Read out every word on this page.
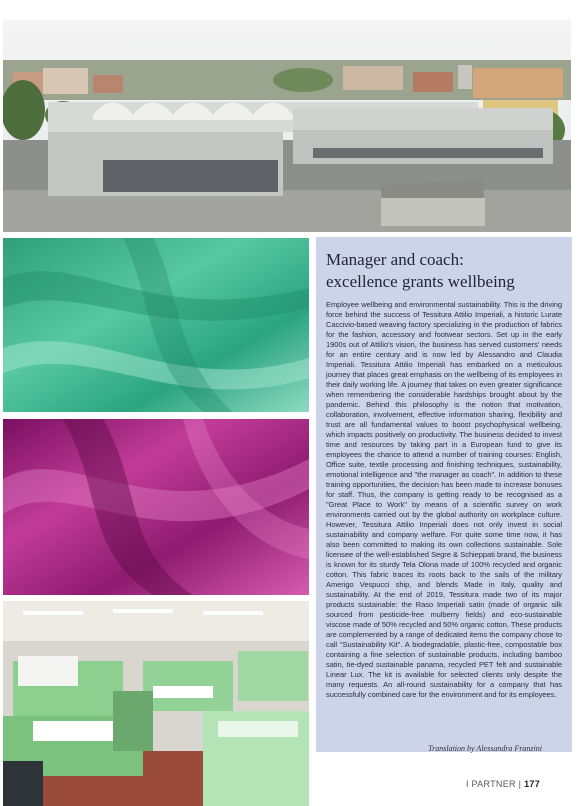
Manager and coach:
excellence grants wellbeing

Employee wellbeing and environmental sustainability. This is the driving force behind the success of Tessitura Attilio Imperiali, a historic Lurate Caccivio-based weaving factory specializing in the production of fabrics for the fashion, accessory and footwear sectors. Set up in the early 1900s out of Attilio's vision, the business has served customers' needs for an entire century and is now led by Alessandro and Claudia Imperiali. Tessitura Attilio Imperiali has embarked on a meticulous journey that places great emphasis on the wellbeing of its employees in their daily working life. A journey that takes on even greater significance when remembering the considerable hardships brought about by the pandemic. Behind this philosophy is the notion that motivation, collaboration, involvement, effective information sharing, flexibility and trust are all fundamental values to boost psychophysical wellbeing, which impacts positively on productivity. The business decided to invest time and resources by taking part in a European fund to give its employees the chance to attend a number of training courses: English, Office suite, textile processing and finishing techniques, sustainability, emotional intelligence and "the manager as coach". In addition to these training opportunities, the decision has been made to increase bonuses for staff. Thus, the company is getting ready to be recognised as a "Great Place to Work" by means of a scientific survey on work environments carried out by the global authority on workplace culture. However, Tessitura Attilio Imperiali does not only invest in social sustainability and company welfare. For quite some time now, it has also been committed to making its own collections sustainable. Sole licensee of the well-established Segre & Schieppati brand, the business is known for its sturdy Tela Olona made of 100% recycled and organic cotton. This fabric traces its roots back to the sails of the military Amerigo Vespucci ship, and blends Made in Italy, quality and sustainability. At the end of 2019, Tessitura made two of its major products sustainable: the Raso Imperiali satin (made of organic silk sourced from pesticide-free mulberry fields) and eco-sustainable viscose made of 50% recycled and 50% organic cotton. These products are complemented by a range of dedicated items the company chose to call "Sustainability Kit". A biodegradable, plastic-free, compostable box containing a fine selection of sustainable products, including bamboo satin, tie-dyed sustainable panama, recycled PET felt and sustainable Linear Lux. The kit is available for selected clients only despite the many requests. An all-round sustainability for a company that has successfully combined care for the environment and for its employees.

Translation by Alessandra Franzini
I PARTNER | 177
